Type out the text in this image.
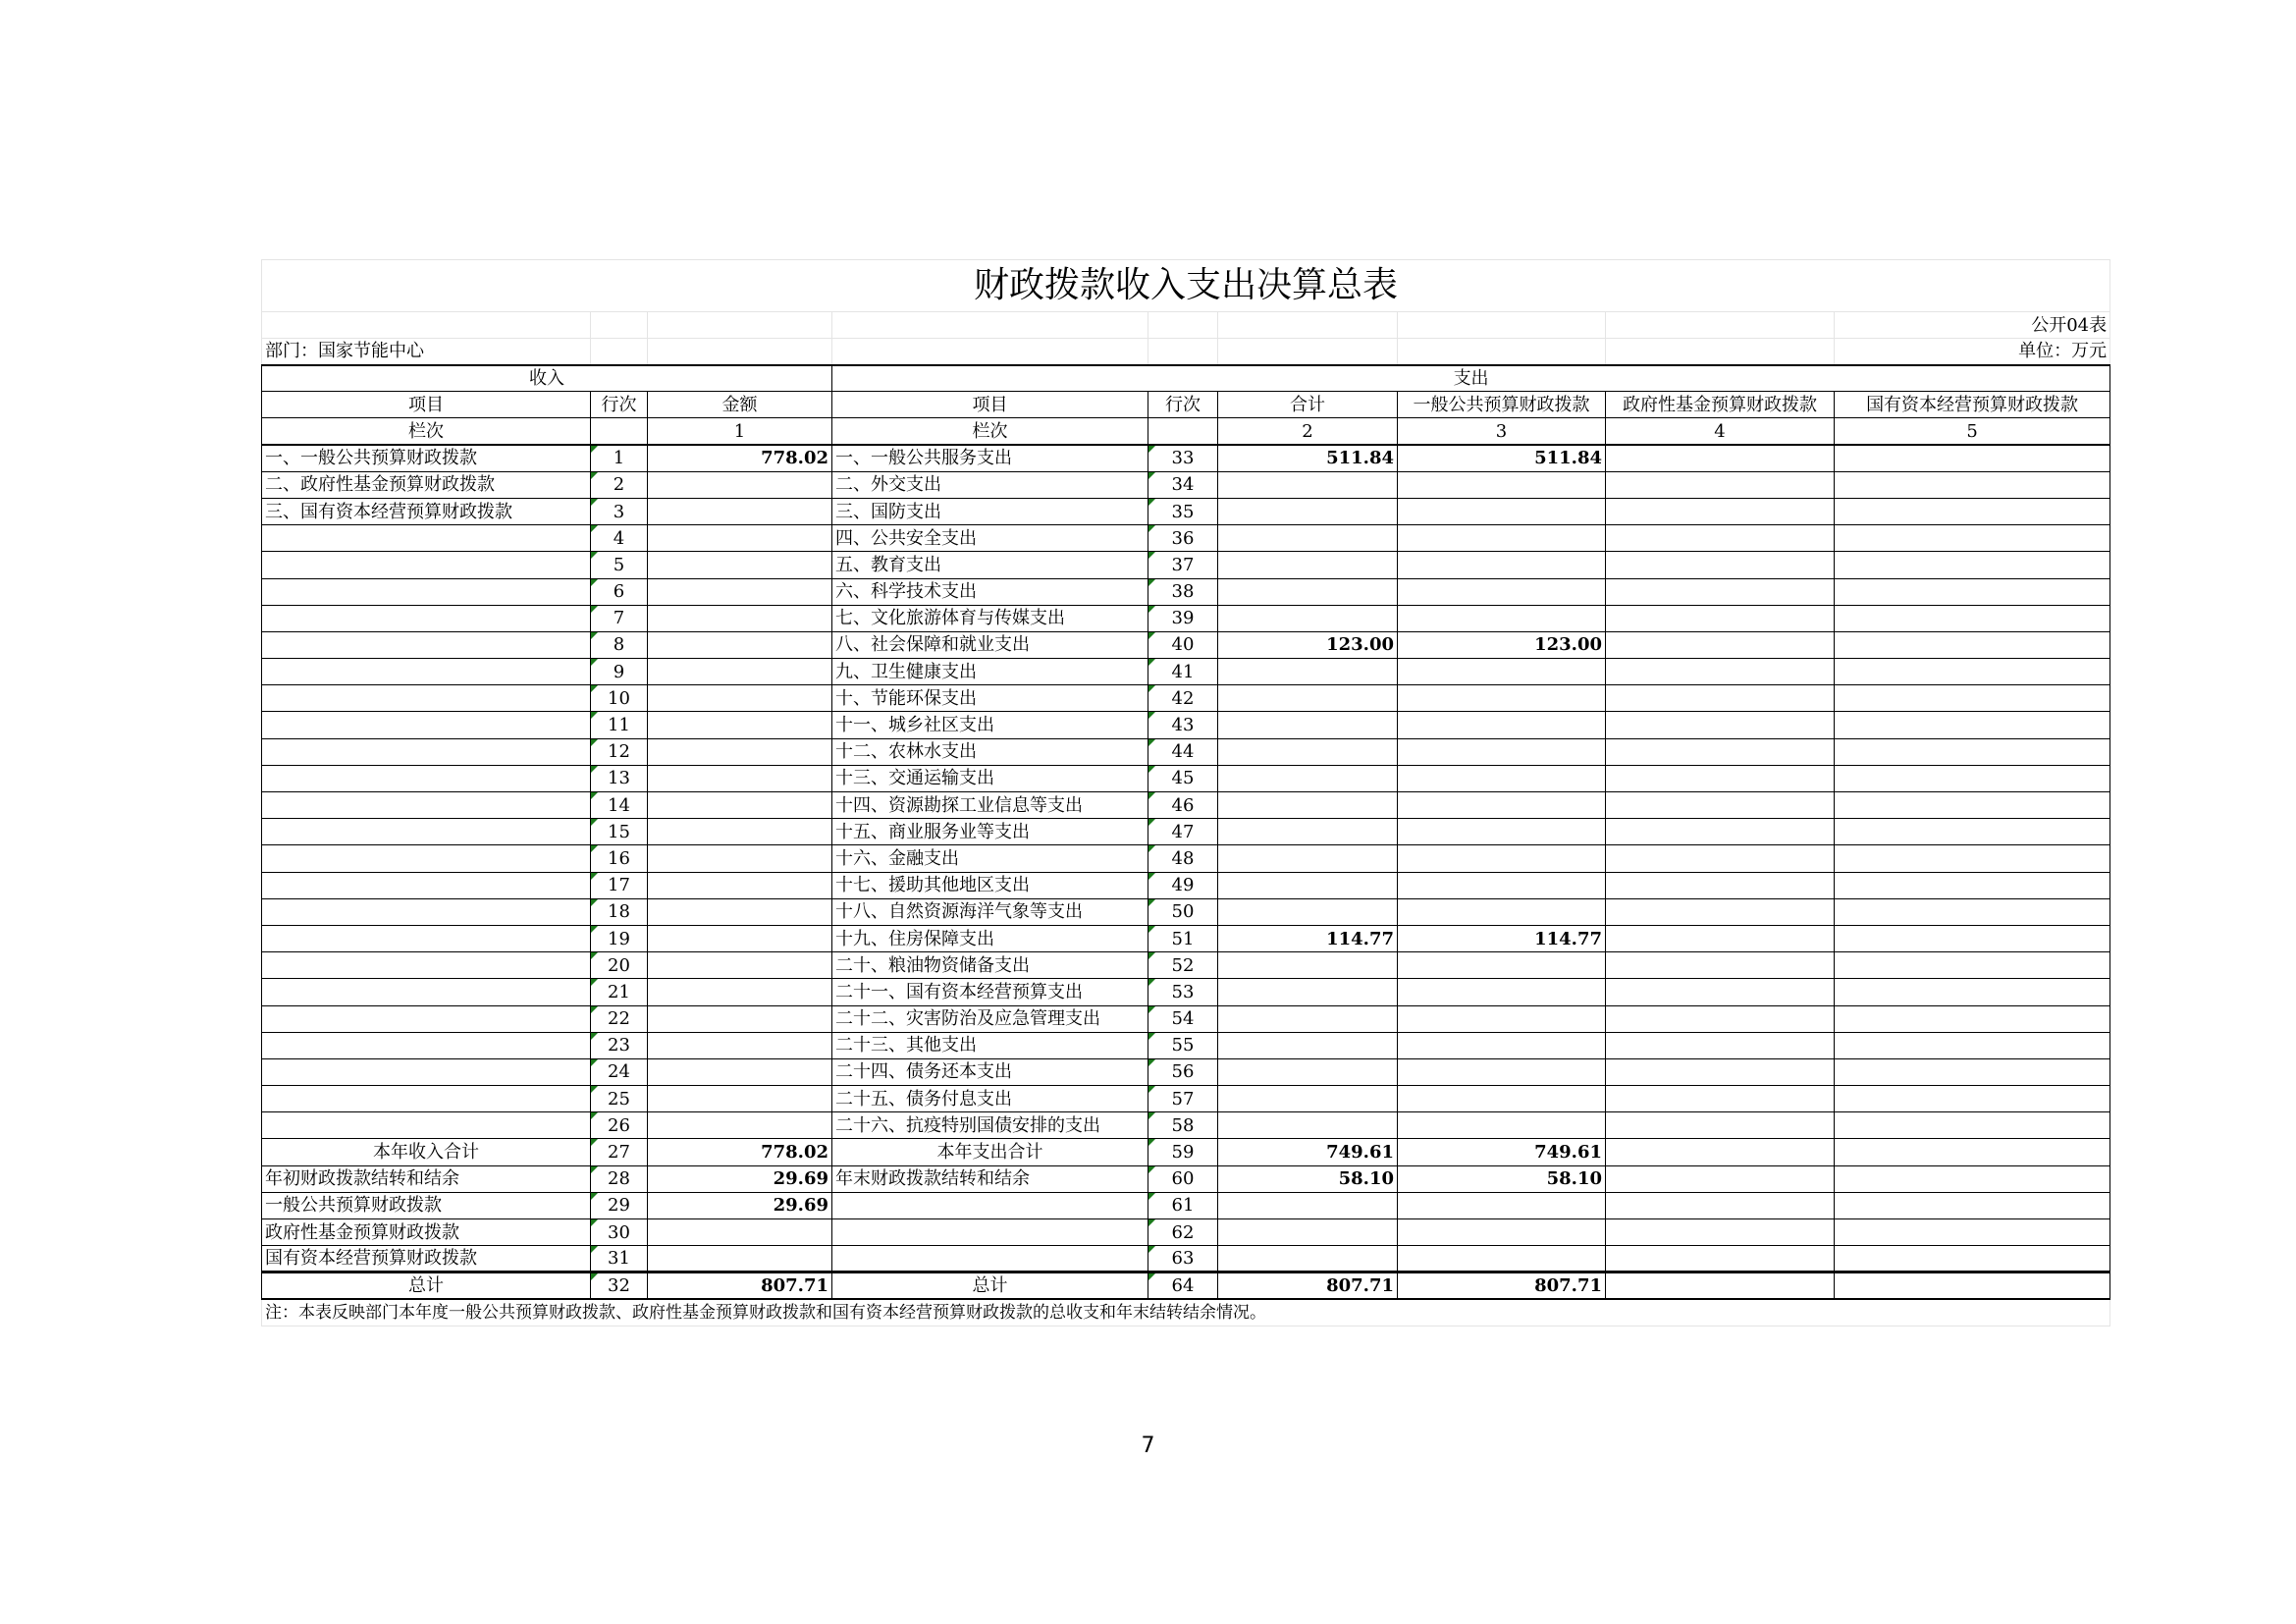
财政拨款收入支出决算总表								
								公开04表
部门：国家节能中心								单位：万元
收入			支出					
项目	行次	金额	项目	行次	合计	一般公共预算财政拨款	政府性基金预算财政拨款	国有资本经营预算财政拨款
栏次		1	栏次		2	3	4	5
一、一般公共预算财政拨款	1	778.02	一、一般公共服务支出	33	511.84	511.84		
二、政府性基金预算财政拨款	2		二、外交支出	34				
三、国有资本经营预算财政拨款	3		三、国防支出	35				
	4		四、公共安全支出	36				
	5		五、教育支出	37				
	6		六、科学技术支出	38				
	7		七、文化旅游体育与传媒支出	39				
	8		八、社会保障和就业支出	40	123.00	123.00		
	9		九、卫生健康支出	41				
	10		十、节能环保支出	42				
	11		十一、城乡社区支出	43				
	12		十二、农林水支出	44				
	13		十三、交通运输支出	45				
	14		十四、资源勘探工业信息等支出	46				
	15		十五、商业服务业等支出	47				
	16		十六、金融支出	48				
	17		十七、援助其他地区支出	49				
	18		十八、自然资源海洋气象等支出	50				
	19		十九、住房保障支出	51	114.77	114.77		
	20		二十、粮油物资储备支出	52				
	21		二十一、国有资本经营预算支出	53				
	22		二十二、灾害防治及应急管理支出	54				
	23		二十三、其他支出	55				
	24		二十四、债务还本支出	56				
	25		二十五、债务付息支出	57				
	26		二十六、抗疫特别国债安排的支出	58				
本年收入合计	27	778.02	本年支出合计	59	749.61	749.61		
年初财政拨款结转和结余	28	29.69	年末财政拨款结转和结余	60	58.10	58.10		
一般公共预算财政拨款	29	29.69		61				
政府性基金预算财政拨款	30			62				
国有资本经营预算财政拨款	31			63				
总计	32	807.71	总计	64	807.71	807.71		
注：本表反映部门本年度一般公共预算财政拨款、政府性基金预算财政拨款和国有资本经营预算财政拨款的总收支和年末结转结余情况。								
7
